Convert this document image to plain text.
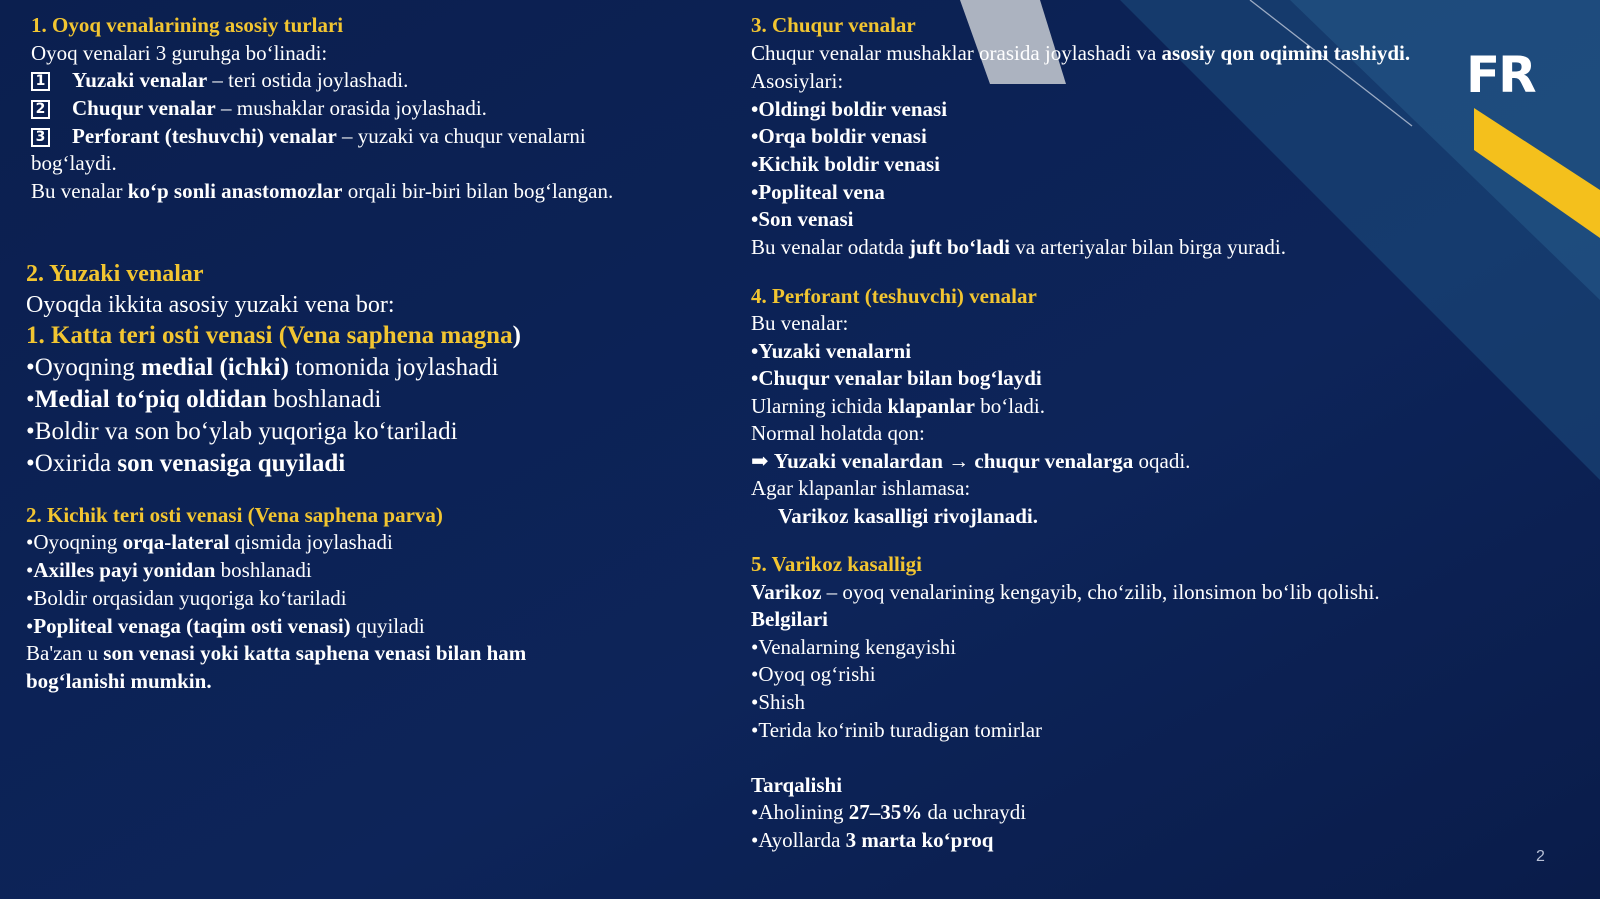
1. Oyoq venalarining asosiy turlari
Oyoq venalari 3 guruhga bo‘linadi:
1 Yuzaki venalar – teri ostida joylashadi.
2 Chuqur venalar – mushaklar orasida joylashadi.
3 Perforant (teshuvchi) venalar – yuzaki va chuqur venalarni
bog‘laydi.
Bu venalar ko‘p sonli anastomozlar orqali bir-biri bilan bog‘langan.
2. Yuzaki venalar
Oyoqda ikkita asosiy yuzaki vena bor:
1. Katta teri osti venasi (Vena saphena magna)
•Oyoqning medial (ichki) tomonida joylashadi
•Medial to‘piq oldidan boshlanadi
•Boldir va son bo‘ylab yuqoriga ko‘tariladi
•Oxirida son venasiga quyiladi
2. Kichik teri osti venasi (Vena saphena parva)
•Oyoqning orqa-lateral qismida joylashadi
•Axilles payi yonidan boshlanadi
•Boldir orqasidan yuqoriga ko‘tariladi
•Popliteal venaga (taqim osti venasi) quyiladi
Ba'zan u son venasi yoki katta saphena venasi bilan ham
bog‘lanishi mumkin.
3. Chuqur venalar
Chuqur venalar mushaklar orasida joylashadi va asosiy qon oqimini tashiydi.
Asosiylari:
•Oldingi boldir venasi
•Orqa boldir venasi
•Kichik boldir venasi
•Popliteal vena
•Son venasi
Bu venalar odatda juft bo‘ladi va arteriyalar bilan birga yuradi.
4. Perforant (teshuvchi) venalar
Bu venalar:
•Yuzaki venalarni
•Chuqur venalar bilan bog‘laydi
Ularning ichida klapanlar bo‘ladi.
Normal holatda qon:
➡ Yuzaki venalardan → chuqur venalarga oqadi.
Agar klapanlar ishlamasa:
Varikoz kasalligi rivojlanadi.
5. Varikoz kasalligi
Varikoz – oyoq venalarining kengayib, cho‘zilib, ilonsimon bo‘lib qolishi.
Belgilari
•Venalarning kengayishi
•Oyoq og‘rishi
•Shish
•Terida ko‘rinib turadigan tomirlar
Tarqalishi
•Aholining 27–35% da uchraydi
•Ayollarda 3 marta ko‘proq
FR
2
